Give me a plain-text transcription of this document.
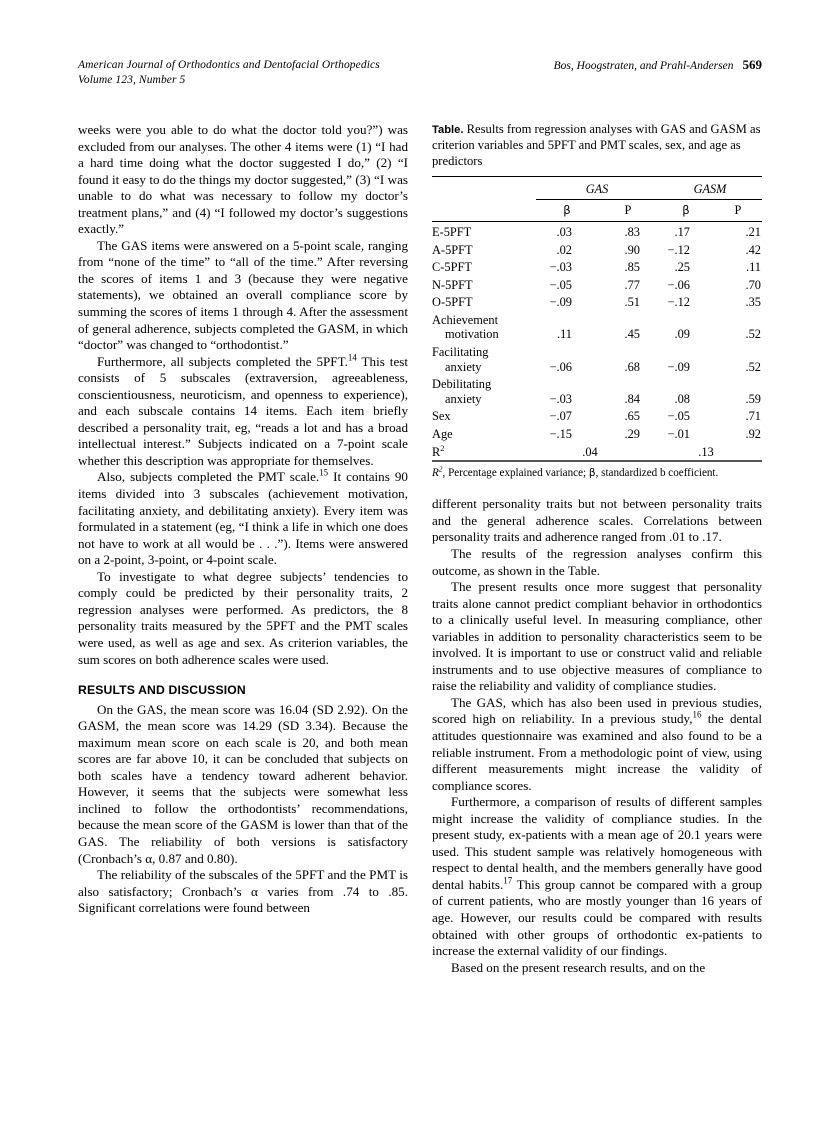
American Journal of Orthodontics and Dentofacial Orthopedics
Volume 123, Number 5
Bos, Hoogstraten, and Prahl-Andersen 569

weeks were you able to do what the doctor told you?”) was excluded from our analyses. The other 4 items were (1) “I had a hard time doing what the doctor suggested I do,” (2) “I found it easy to do the things my doctor suggested,” (3) “I was unable to do what was necessary to follow my doctor’s treatment plans,” and (4) “I followed my doctor’s suggestions exactly.”

The GAS items were answered on a 5-point scale, ranging from “none of the time” to “all of the time.” After reversing the scores of items 1 and 3 (because they were negative statements), we obtained an overall compliance score by summing the scores of items 1 through 4. After the assessment of general adherence, subjects completed the GASM, in which “doctor” was changed to “orthodontist.”

Furthermore, all subjects completed the 5PFT.$^{14}$ This test consists of 5 subscales (extraversion, agreeableness, conscientiousness, neuroticism, and openness to experience), and each subscale contains 14 items. Each item briefly described a personality trait, eg, “reads a lot and has a broad intellectual interest.” Subjects indicated on a 7-point scale whether this description was appropriate for themselves.

Also, subjects completed the PMT scale.$^{15}$ It contains 90 items divided into 3 subscales (achievement motivation, facilitating anxiety, and debilitating anxiety). Every item was formulated in a statement (eg, “I think a life in which one does not have to work at all would be . . .”). Items were answered on a 2-point, 3-point, or 4-point scale.

To investigate to what degree subjects’ tendencies to comply could be predicted by their personality traits, 2 regression analyses were performed. As predictors, the 8 personality traits measured by the 5PFT and the PMT scales were used, as well as age and sex. As criterion variables, the sum scores on both adherence scales were used.

RESULTS AND DISCUSSION

On the GAS, the mean score was 16.04 (SD 2.92). On the GASM, the mean score was 14.29 (SD 3.34). Because the maximum mean score on each scale is 20, and both mean scores are far above 10, it can be concluded that subjects on both scales have a tendency toward adherent behavior. However, it seems that the subjects were somewhat less inclined to follow the orthodontists’ recommendations, because the mean score of the GASM is lower than that of the GAS. The reliability of both versions is satisfactory (Cronbach’s α, 0.87 and 0.80).

The reliability of the subscales of the 5PFT and the PMT is also satisfactory; Cronbach’s α varies from .74 to .85. Significant correlations were found between

Table. Results from regression analyses with GAS and GASM as criterion variables and 5PFT and PMT scales, sex, and age as predictors
	GAS		GASM	
	β	P	β	P
E-5PFT	.03	.83	.17	.21
A-5PFT	.02	.90	−.12	.42
C-5PFT	−.03	.85	.25	.11
N-5PFT	−.05	.77	−.06	.70
O-5PFT	−.09	.51	−.12	.35
Achievement
motivation	.11	.45	.09	.52
Facilitating
anxiety	−.06	.68	−.09	.52
Debilitating
anxiety	−.03	.84	.08	.59
Sex	−.07	.65	−.05	.71
Age	−.15	.29	−.01	.92
$R^2$	.04		.13	
$R^2$, Percentage explained variance; β, standardized b coefficient.

different personality traits but not between personality traits and the general adherence scales. Correlations between personality traits and adherence ranged from .01 to .17.

The results of the regression analyses confirm this outcome, as shown in the Table.

The present results once more suggest that personality traits alone cannot predict compliant behavior in orthodontics to a clinically useful level. In measuring compliance, other variables in addition to personality characteristics seem to be involved. It is important to use or construct valid and reliable instruments and to use objective measures of compliance to raise the reliability and validity of compliance studies.

The GAS, which has also been used in previous studies, scored high on reliability. In a previous study,$^{16}$ the dental attitudes questionnaire was examined and also found to be a reliable instrument. From a methodologic point of view, using different measurements might increase the validity of compliance scores.

Furthermore, a comparison of results of different samples might increase the validity of compliance studies. In the present study, ex-patients with a mean age of 20.1 years were used. This student sample was relatively homogeneous with respect to dental health, and the members generally have good dental habits.$^{17}$ This group cannot be compared with a group of current patients, who are mostly younger than 16 years of age. However, our results could be compared with results obtained with other groups of orthodontic ex-patients to increase the external validity of our findings.

Based on the present research results, and on the
